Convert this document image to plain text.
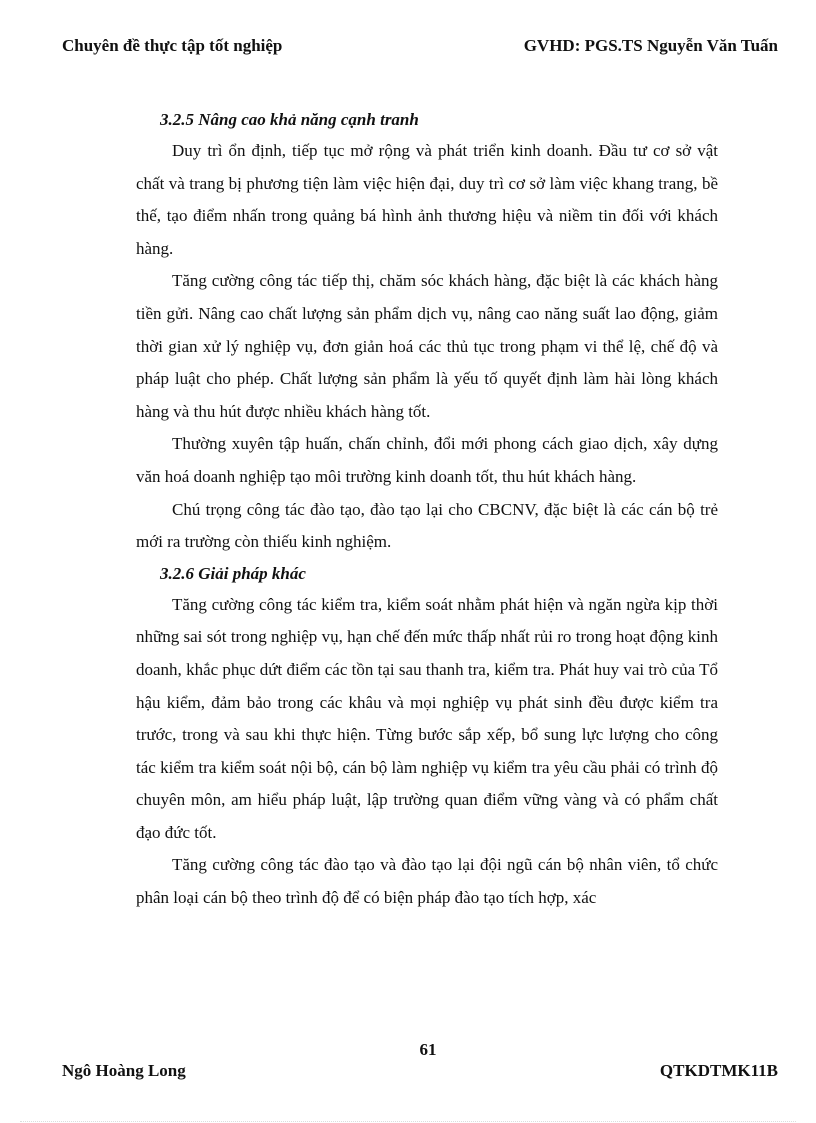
Chuyên đề thực tập tốt nghiệp	GVHD: PGS.TS Nguyễn Văn Tuấn
3.2.5 Nâng cao khả năng cạnh tranh

Duy trì ổn định, tiếp tục mở rộng và phát triển kinh doanh. Đầu tư cơ sở vật chất và trang bị phương tiện làm việc hiện đại, duy trì cơ sở làm việc khang trang, bề thế, tạo điểm nhấn trong quảng bá hình ảnh thương hiệu và niềm tin đối với khách hàng.

Tăng cường công tác tiếp thị, chăm sóc khách hàng, đặc biệt là các khách hàng tiền gửi. Nâng cao chất lượng sản phẩm dịch vụ, nâng cao năng suất lao động, giảm thời gian xử lý nghiệp vụ, đơn giản hoá các thủ tục trong phạm vi thể lệ, chế độ và pháp luật cho phép. Chất lượng sản phẩm là yếu tố quyết định làm hài lòng khách hàng và thu hút được nhiều khách hàng tốt.

Thường xuyên tập huấn, chấn chỉnh, đổi mới phong cách giao dịch, xây dựng văn hoá doanh nghiệp tạo môi trường kinh doanh tốt, thu hút khách hàng.

Chú trọng công tác đào tạo, đào tạo lại cho CBCNV, đặc biệt là các cán bộ trẻ mới ra trường còn thiếu kinh nghiệm.

3.2.6 Giải pháp khác

Tăng cường công tác kiểm tra, kiểm soát nhằm phát hiện và ngăn ngừa kịp thời những sai sót trong nghiệp vụ, hạn chế đến mức thấp nhất rủi ro trong hoạt động kinh doanh, khắc phục dứt điểm các tồn tại sau thanh tra, kiểm tra. Phát huy vai trò của Tổ hậu kiểm, đảm bảo trong các khâu và mọi nghiệp vụ phát sinh đều được kiểm tra trước, trong và sau khi thực hiện. Từng bước sắp xếp, bổ sung lực lượng cho công tác kiểm tra kiểm soát nội bộ, cán bộ làm nghiệp vụ kiểm tra yêu cầu phải có trình độ chuyên môn, am hiểu pháp luật, lập trường quan điểm vững vàng và có phẩm chất đạo đức tốt.

Tăng cường công tác đào tạo và đào tạo lại đội ngũ cán bộ nhân viên, tổ chức phân loại cán bộ theo trình độ để có biện pháp đào tạo tích hợp, xác

61
Ngô Hoàng Long	QTKDTMK11B
